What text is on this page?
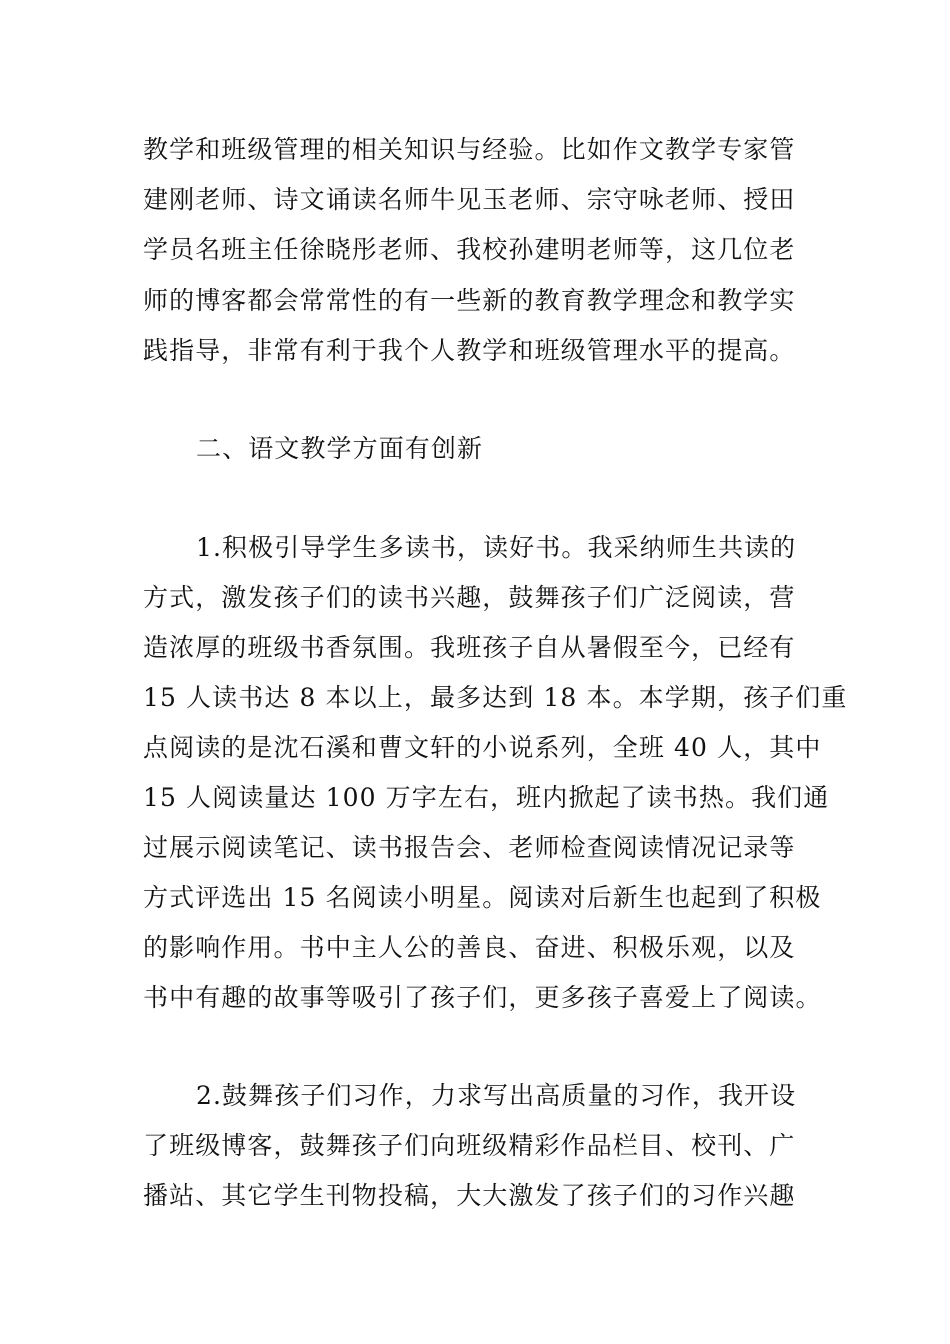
教学和班级管理的相关知识与经验。比如作文教学专家管
建刚老师、诗文诵读名师牛见玉老师、宗守咏老师、授田
学员名班主任徐晓彤老师、我校孙建明老师等，这几位老
师的博客都会常常性的有一些新的教育教学理念和教学实
践指导，非常有利于我个人教学和班级管理水平的提高。
二、语文教学方面有创新
1.积极引导学生多读书，读好书。我采纳师生共读的
方式，激发孩子们的读书兴趣，鼓舞孩子们广泛阅读，营
造浓厚的班级书香氛围。我班孩子自从暑假至今，已经有
15 人读书达 8 本以上，最多达到 18 本。本学期，孩子们重
点阅读的是沈石溪和曹文轩的小说系列，全班 40 人，其中
15 人阅读量达 100 万字左右，班内掀起了读书热。我们通
过展示阅读笔记、读书报告会、老师检查阅读情况记录等
方式评选出 15 名阅读小明星。阅读对后新生也起到了积极
的影响作用。书中主人公的善良、奋进、积极乐观，以及
书中有趣的故事等吸引了孩子们，更多孩子喜爱上了阅读。
2.鼓舞孩子们习作，力求写出高质量的习作，我开设
了班级博客，鼓舞孩子们向班级精彩作品栏目、校刊、广
播站、其它学生刊物投稿，大大激发了孩子们的习作兴趣
